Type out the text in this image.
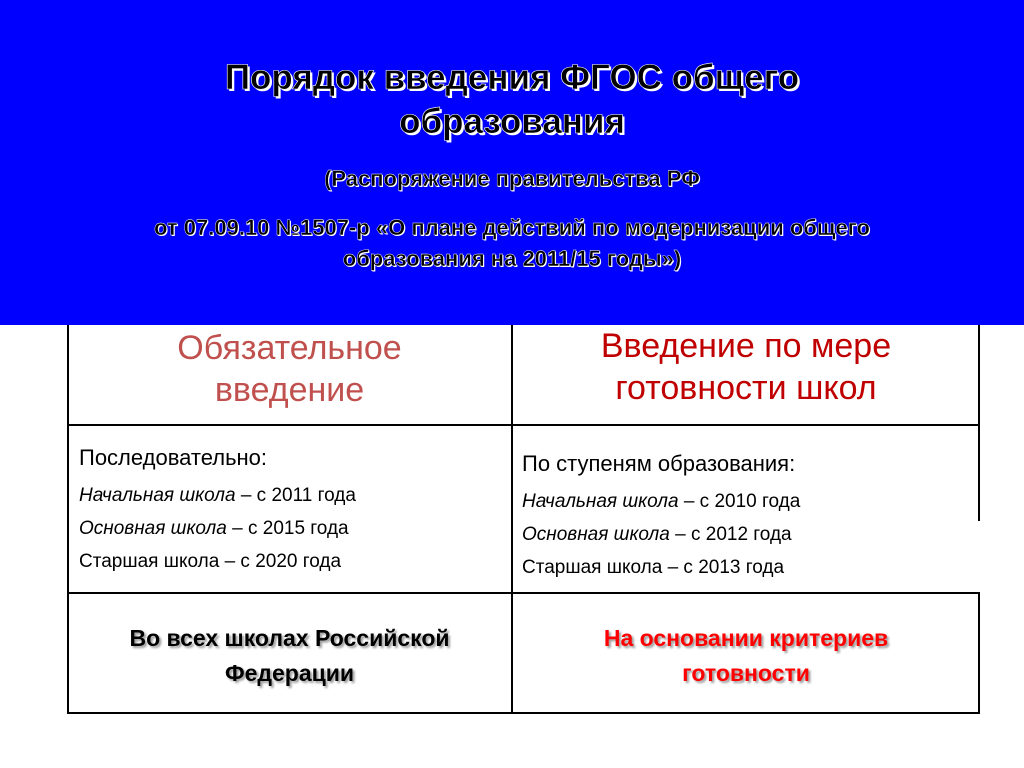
Порядок введения ФГОС общего
образования
(Распоряжение правительства РФ
от 07.09.10 №1507-р «О плане действий по модернизации общего
образования на 2011/15 годы»)
Обязательное
введение
Введение по мере
готовности школ
Последовательно:
Начальная школа – с 2011 года
Основная школа – с 2015 года
Старшая школа – с 2020 года
По ступеням образования:
Начальная школа – с 2010 года
Основная школа – с 2012 года
Старшая школа – с 2013 года
Во всех школах Российской
Федерации
На основании критериев
готовности
